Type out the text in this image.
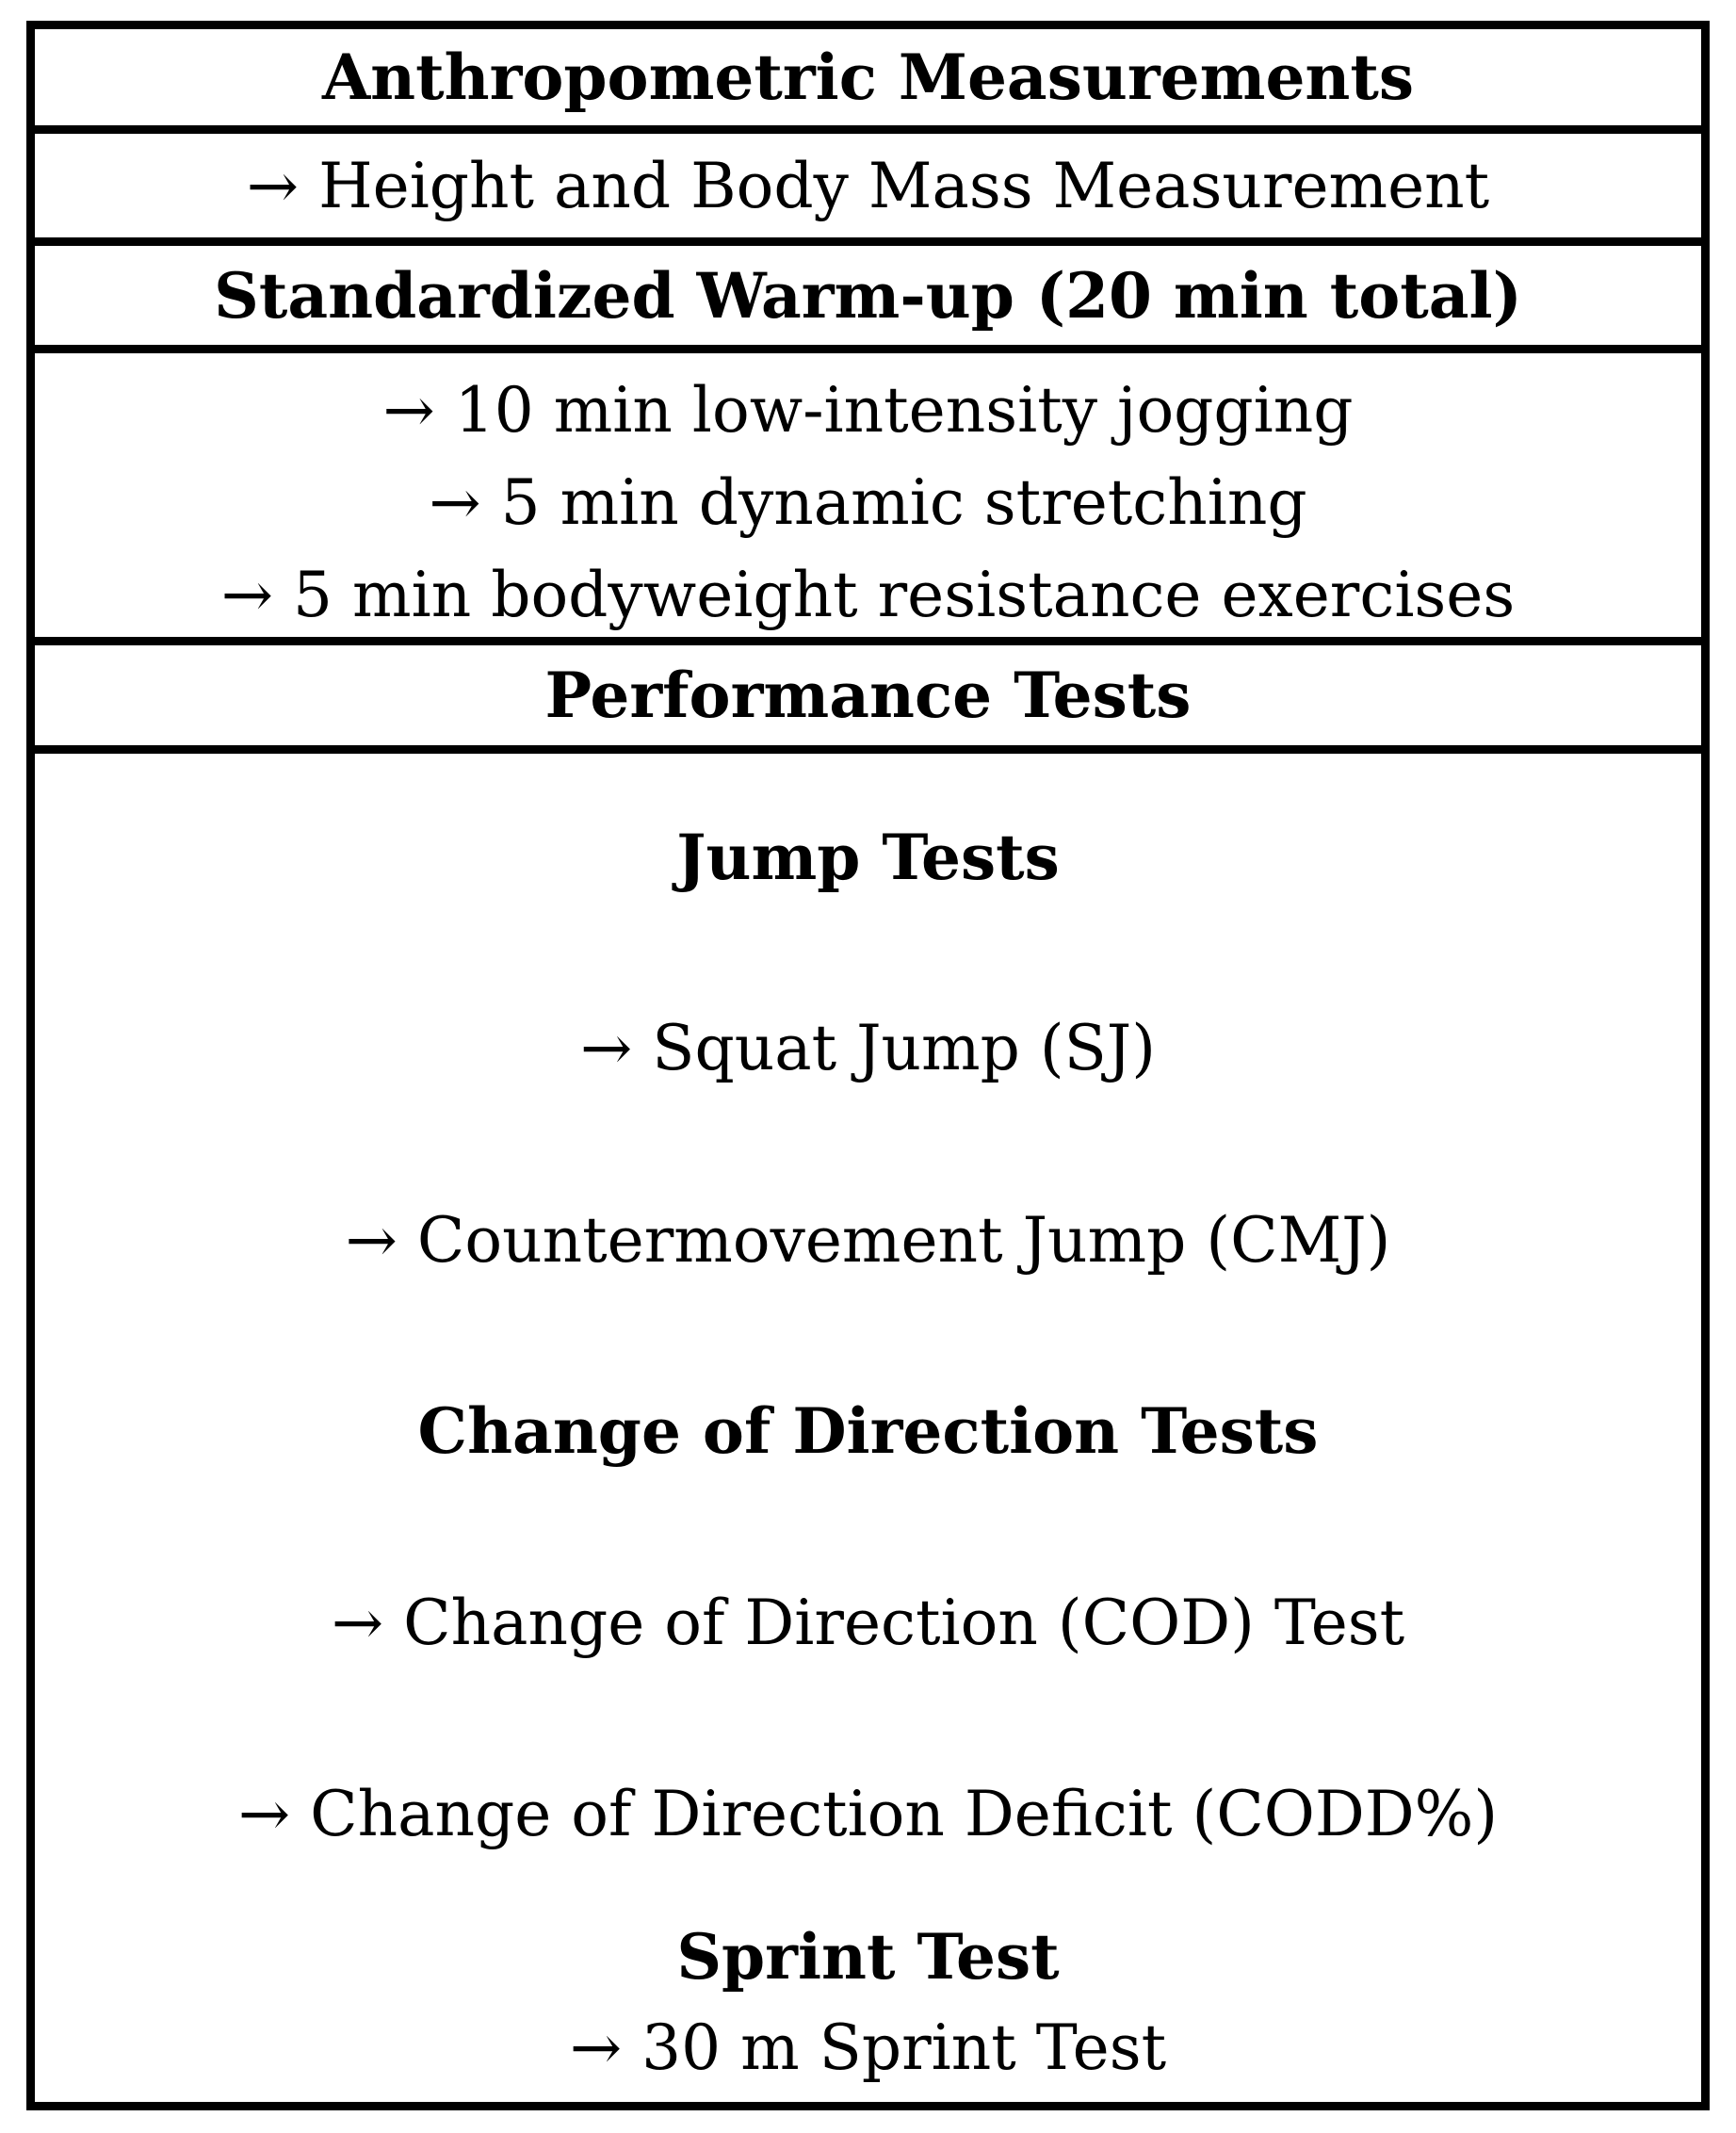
Anthropometric Measurements
→ Height and Body Mass Measurement
Standardized Warm-up (20 min total)
→ 10 min low-intensity jogging
→ 5 min dynamic stretching
→ 5 min bodyweight resistance exercises
Performance Tests
Jump Tests
→ Squat Jump (SJ)
→ Countermovement Jump (CMJ)
Change of Direction Tests
→ Change of Direction (COD) Test
→ Change of Direction Deficit (CODD%)
Sprint Test
→ 30 m Sprint Test
